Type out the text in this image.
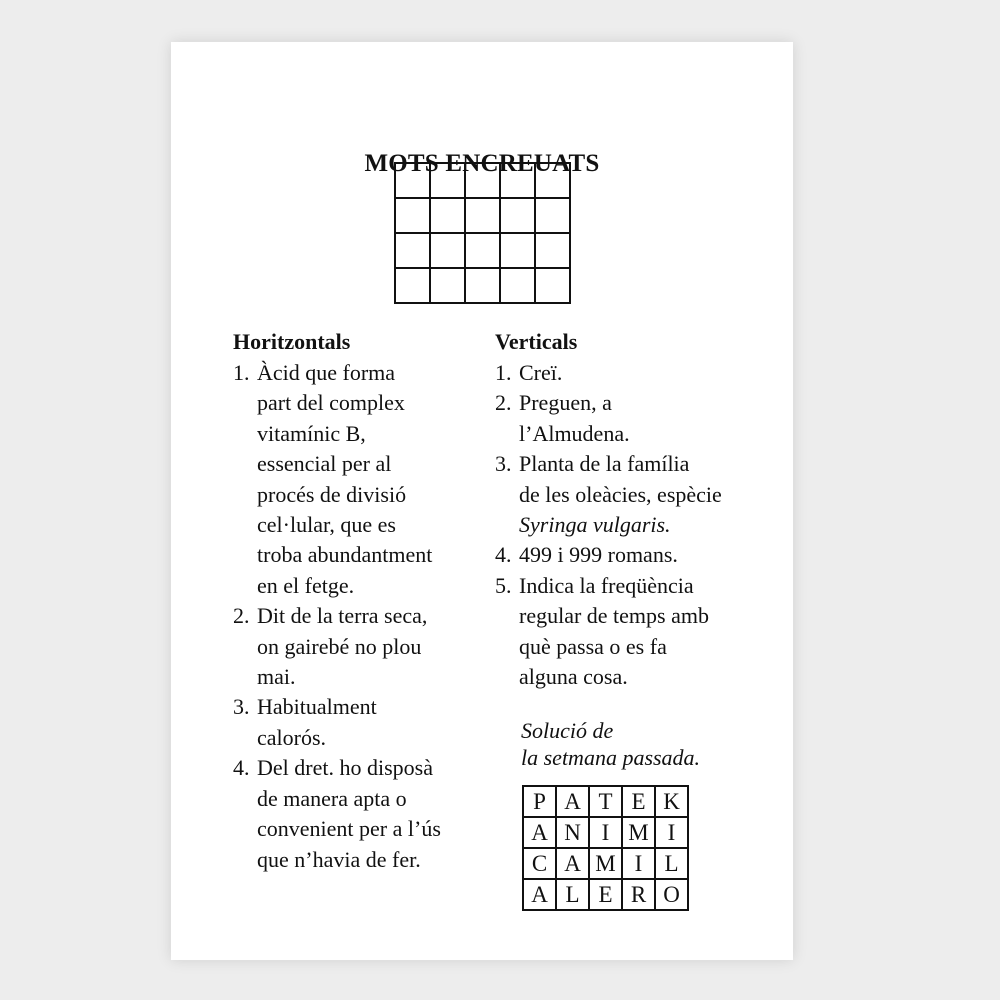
MOTS ENCREUATS
Horitzontals
1. Àcid que forma
part del complex
vitamínic B,
essencial per al
procés de divisió
cel·lular, que es
troba abundantment
en el fetge.
2. Dit de la terra seca,
on gairebé no plou
mai.
3. Habitualment
calorós.
4. Del dret. ho disposà
de manera apta o
convenient per a l’ús
que n’havia de fer.
Verticals
1. Creï.
2. Preguen, a
l’Almudena.
3. Planta de la família
de les oleàcies, espècie
Syringa vulgaris.
4. 499 i 999 romans.
5. Indica la freqüència
regular de temps amb
què passa o es fa
alguna cosa.
Solució de
la setmana passada.
P A T E K
A N I M I
C A M I L
A L E R O
